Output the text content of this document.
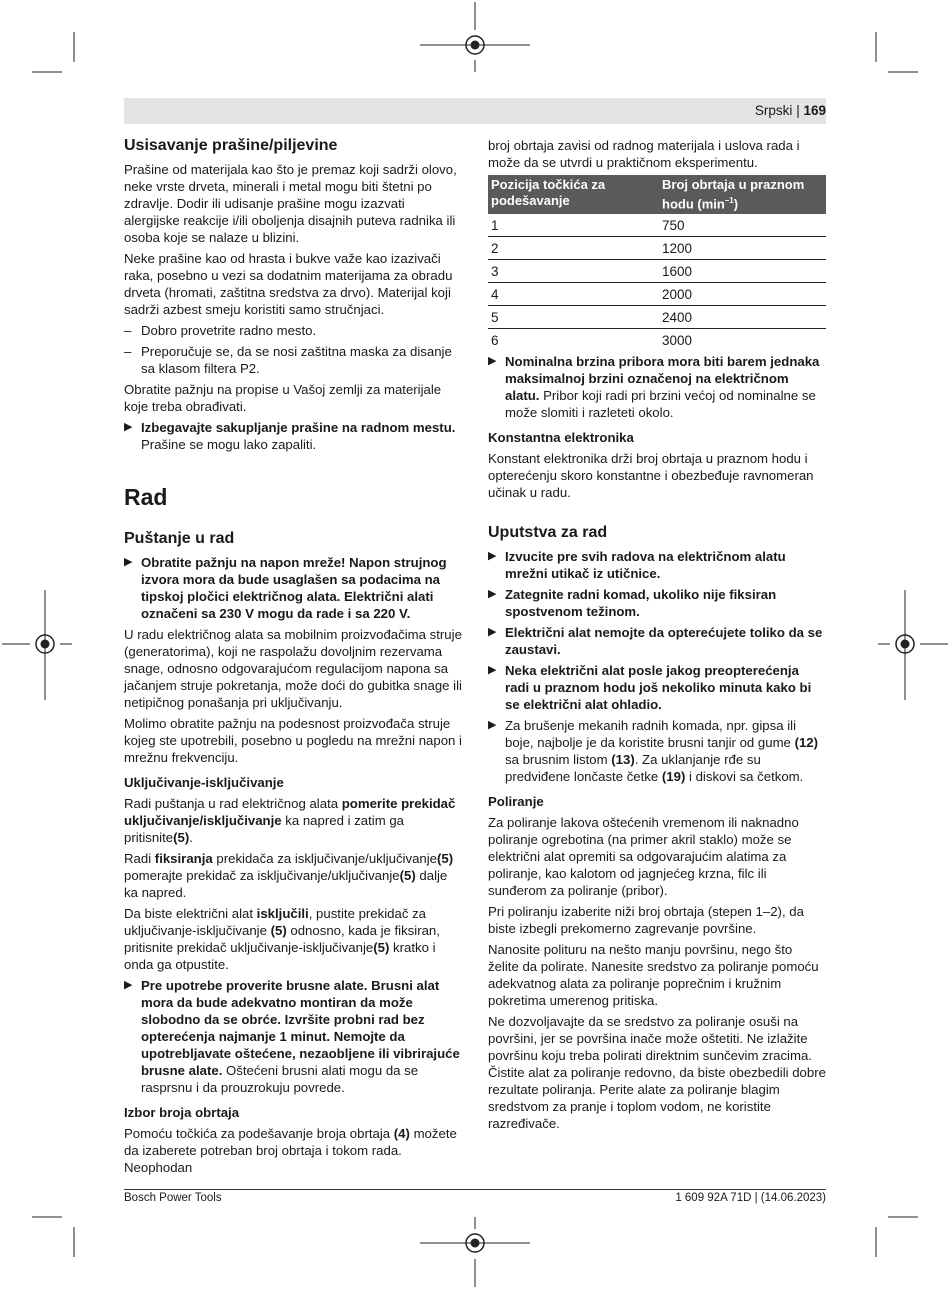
Srpski | 169
Usisavanje prašine/piljevine

Prašine od materijala kao što je premaz koji sadrži olovo, neke vrste drveta, minerali i metal mogu biti štetni po zdravlje. Dodir ili udisanje prašine mogu izazvati alergijske reakcije i/ili oboljenja disajnih puteva radnika ili osoba koje se nalaze u blizini.

Neke prašine kao od hrasta i bukve važe kao izazivači raka, posebno u vezi sa dodatnim materijama za obradu drveta (hromati, zaštitna sredstva za drvo). Materijal koji sadrži azbest smeju koristiti samo stručnjaci.

– Dobro provetrite radno mesto.
– Preporučuje se, da se nosi zaštitna maska za disanje sa klasom filtera P2.

Obratite pažnju na propise u Vašoj zemlji za materijale koje treba obrađivati.

▶ Izbegavajte sakupljanje prašine na radnom mestu.
Prašine se mogu lako zapaliti.
Rad
Puštanje u rad
▶ Obratite pažnju na napon mreže! Napon strujnog izvora mora da bude usaglašen sa podacima na tipskoj pločici električnog alata. Električni alati označeni sa 230 V mogu da rade i sa 220 V.

U radu električnog alata sa mobilnim proizvođačima struje (generatorima), koji ne raspolažu dovoljnim rezervama snage, odnosno odgovarajućom regulacijom napona sa jačanjem struje pokretanja, može doći do gubitka snage ili netipičnog ponašanja pri uključivanju.

Molimo obratite pažnju na podesnost proizvođača struje kojeg ste upotrebili, posebno u pogledu na mrežni napon i mrežnu frekvenciju.

Uključivanje-isključivanje

Radi puštanja u rad električnog alata pomerite prekidač uključivanje/isključivanje ka napred i zatim ga pritisnite(5).

Radi fiksiranja prekidača za isključivanje/uključivanje(5) pomerajte prekidač za isključivanje/uključivanje(5) dalje ka napred.

Da biste električni alat isključili, pustite prekidač za uključivanje-isključivanje (5) odnosno, kada je fiksiran, pritisnite prekidač uključivanje-isključivanje(5) kratko i onda ga otpustite.

▶ Pre upotrebe proverite brusne alate. Brusni alat mora da bude adekvatno montiran da može slobodno da se obrće. Izvršite probni rad bez opterećenja najmanje 1 minut. Nemojte da upotrebljavate oštećene, nezaobljene ili vibrirajuće brusne alate. Oštećeni brusni alati mogu da se rasprsnu i da prouzrokuju povrede.
Izbor broja obrtaja

Pomoću točkića za podešavanje broja obrtaja (4) možete da izaberete potreban broj obrtaja i tokom rada. Neophodan

broj obrtaja zavisi od radnog materijala i uslova rada i može da se utvrdi u praktičnom eksperimentu.

Pozicija točkića za podešavanje	Broj obrtaja u praznom hodu $(\min^{-1})$
1	750
2	1200
3	1600
4	2000
5	2400
6	3000
▶ Nominalna brzina pribora mora biti barem jednaka maksimalnoj brzini označenoj na električnom alatu. Pribor koji radi pri brzini većoj od nominalne se može slomiti i razleteti okolo.
Konstantna elektronika

Konstant elektronika drži broj obrtaja u praznom hodu i opterećenju skoro konstantne i obezbeđuje ravnomeran učinak u radu.

Uputstva za rad
▶ Izvucite pre svih radova na električnom alatu mrežni utikač iz utičnice.
▶ Zategnite radni komad, ukoliko nije fiksiran spostvenom težinom.
▶ Električni alat nemojte da opterećujete toliko da se zaustavi.
▶ Neka električni alat posle jakog preopterećenja radi u praznom hodu još nekoliko minuta kako bi se električni alat ohladio.
▶ Za brušenje mekanih radnih komada, npr. gipsa ili boje, najbolje je da koristite brusni tanjir od gume (12) sa brusnim listom (13). Za uklanjanje rđe su predviđene lončaste četke (19) i diskovi sa četkom.
Poliranje

Za poliranje lakova oštećenih vremenom ili naknadno poliranje ogrebotina (na primer akril staklo) može se električni alat opremiti sa odgovarajućim alatima za poliranje, kao kalotom od jagnjećeg krzna, filc ili sunđerom za poliranje (pribor).

Pri poliranju izaberite niži broj obrtaja (stepen 1–2), da biste izbegli prekomerno zagrevanje površine.

Nanosite polituru na nešto manju površinu, nego što želite da polirate. Nanesite sredstvo za poliranje pomoću adekvatnog alata za poliranje poprečnim i kružnim pokretima umerenog pritiska.

Ne dozvoljavajte da se sredstvo za poliranje osuši na površini, jer se površina inače može oštetiti. Ne izlažite površinu koju treba polirati direktnim sunčevim zracima. Čistite alat za poliranje redovno, da biste obezbedili dobre rezultate poliranja. Perite alate za poliranje blagim sredstvom za pranje i toplom vodom, ne koristite razređivače.

Bosch Power Tools	1 609 92A 71D | (14.06.2023)
